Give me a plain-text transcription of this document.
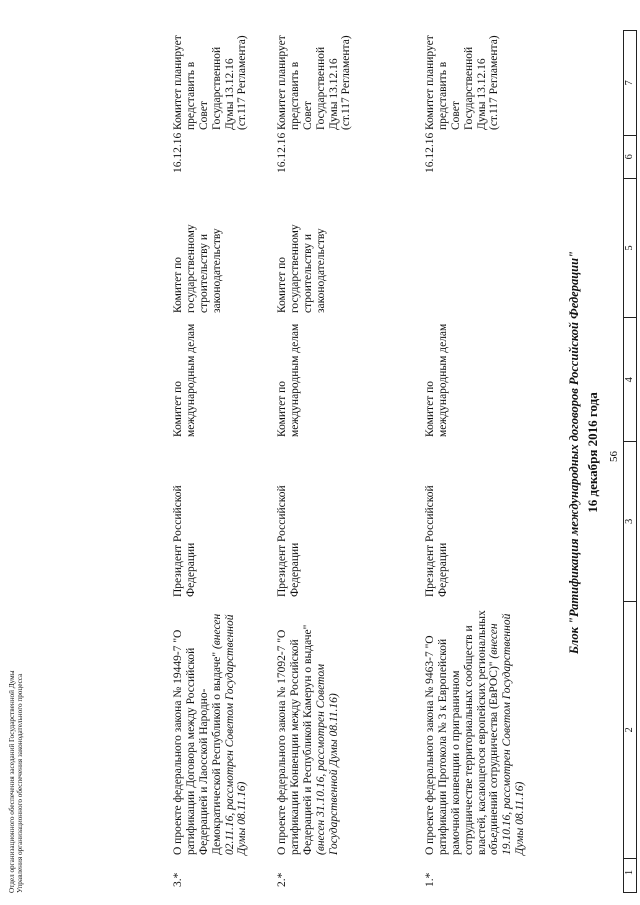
56
1
2
3
4
5
6
7
16 декабря 2016 года
Блок "Ратификация международных договоров Российской Федерации"
1.*
О проекте федерального закона № 9463-7 "О ратификации Протокола № 3 к Европейской рамочной конвенции о приграничном сотрудничестве территориальных сообществ и властей, касающегося европейских региональных объединений сотрудничества (ЕвРОС)" (внесен 19.10.16, рассмотрен Советом Государственной Думы 08.11.16)
Президент Российской Федерации
Комитет по международным делам
16.12.16
Комитет планирует представить в Совет Государственной Думы 13.12.16 (ст.117 Регламента)
2.*
О проекте федерального закона № 17092-7 "О ратификации Конвенции между Российской Федерацией и Республикой Камерун о выдаче" (внесен 31.10.16, рассмотрен Советом Государственной Думы 08.11.16)
Президент Российской Федерации
Комитет по международным делам
Комитет по государственному строительству и законодательству
16.12.16
Комитет планирует представить в Совет Государственной Думы 13.12.16 (ст.117 Регламента)
3.*
О проекте федерального закона № 19449-7 "О ратификации Договора между Российской Федерацией и Лаосской Народно-Демократической Республикой о выдаче" (внесен 02.11.16, рассмотрен Советом Государственной Думы 08.11.16)
Президент Российской Федерации
Комитет по международным делам
Комитет по государственному строительству и законодательству
16.12.16
Комитет планирует представить в Совет Государственной Думы 13.12.16 (ст.117 Регламента)
Отдел организационного обеспечения заседаний Государственной Думы Управления организационного обеспечения законодательного процесса
